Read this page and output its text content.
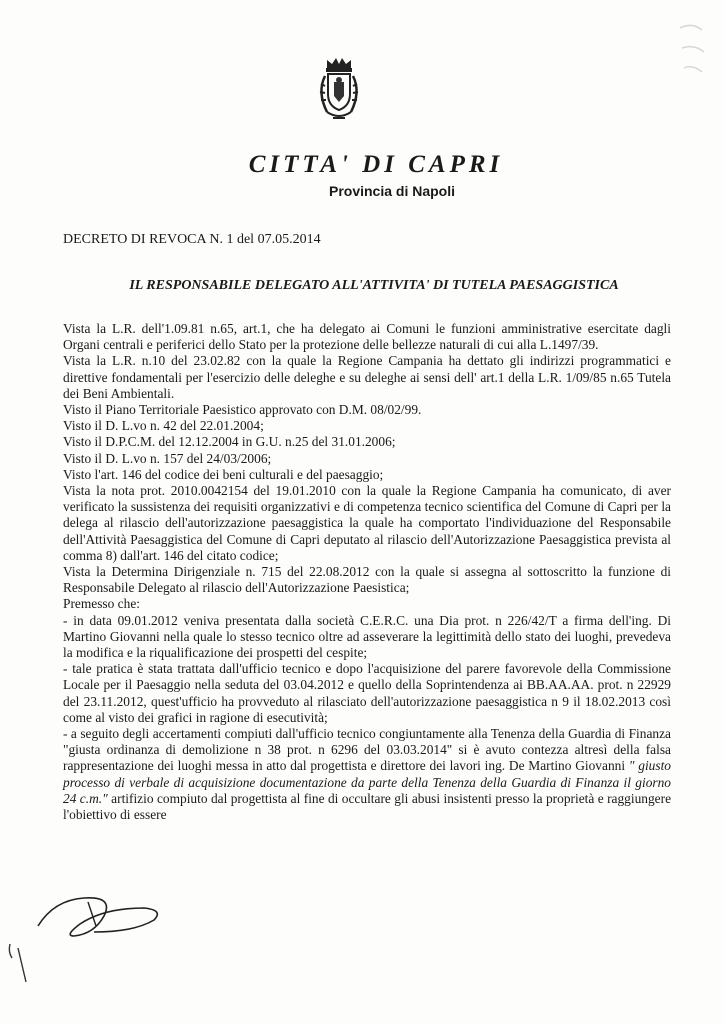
CITTA' DI CAPRI
Provincia di Napoli
DECRETO DI REVOCA N. 1 del 07.05.2014
IL RESPONSABILE DELEGATO ALL'ATTIVITA' DI TUTELA PAESAGGISTICA

Vista la L.R. dell'1.09.81 n.65, art.1, che ha delegato ai Comuni le funzioni amministrative esercitate dagli Organi centrali e periferici dello Stato per la protezione delle bellezze naturali di cui alla L.1497/39.

Vista la L.R. n.10 del 23.02.82 con la quale la Regione Campania ha dettato gli indirizzi programmatici e direttive fondamentali per l'esercizio delle deleghe e su deleghe ai sensi dell' art.1 della L.R. 1/09/85 n.65 Tutela dei Beni Ambientali.

Visto il Piano Territoriale Paesistico approvato con D.M. 08/02/99.

Visto il D. L.vo n. 42 del 22.01.2004;

Visto il D.P.C.M. del 12.12.2004 in G.U. n.25 del 31.01.2006;

Visto il D. L.vo n. 157 del 24/03/2006;

Visto l'art. 146 del codice dei beni culturali e del paesaggio;

Vista la nota prot. 2010.0042154 del 19.01.2010 con la quale la Regione Campania ha comunicato, di aver verificato la sussistenza dei requisiti organizzativi e di competenza tecnico scientifica del Comune di Capri per la delega al rilascio dell'autorizzazione paesaggistica la quale ha comportato l'individuazione del Responsabile dell'Attività Paesaggistica del Comune di Capri deputato al rilascio dell'Autorizzazione Paesaggistica prevista al comma 8) dall'art. 146 del citato codice;

Vista la Determina Dirigenziale n. 715 del 22.08.2012 con la quale si assegna al sottoscritto la funzione di Responsabile Delegato al rilascio dell'Autorizzazione Paesistica;

Premesso che:

- in data 09.01.2012 veniva presentata dalla società C.E.R.C. una Dia prot. n 226/42/T a firma dell'ing. Di Martino Giovanni nella quale lo stesso tecnico oltre ad asseverare la legittimità dello stato dei luoghi, prevedeva la modifica e la riqualificazione dei prospetti del cespite;

- tale pratica è stata trattata dall'ufficio tecnico e dopo l'acquisizione del parere favorevole della Commissione Locale per il Paesaggio nella seduta del 03.04.2012 e quello della Soprintendenza ai BB.AA.AA. prot. n 22929 del 23.11.2012, quest'ufficio ha provveduto al rilasciato dell'autorizzazione paesaggistica n 9 il 18.02.2013 così come al visto dei grafici in ragione di esecutività;

- a seguito degli accertamenti compiuti dall'ufficio tecnico congiuntamente alla Tenenza della Guardia di Finanza "giusta ordinanza di demolizione n 38 prot. n 6296 del 03.03.2014" si è avuto contezza altresì della falsa rappresentazione dei luoghi messa in atto dal progettista e direttore dei lavori ing. De Martino Giovanni " giusto processo di verbale di acquisizione documentazione da parte della Tenenza della Guardia di Finanza il giorno 24 c.m." artifizio compiuto dal progettista al fine di occultare gli abusi insistenti presso la proprietà e raggiungere l'obiettivo di essere
